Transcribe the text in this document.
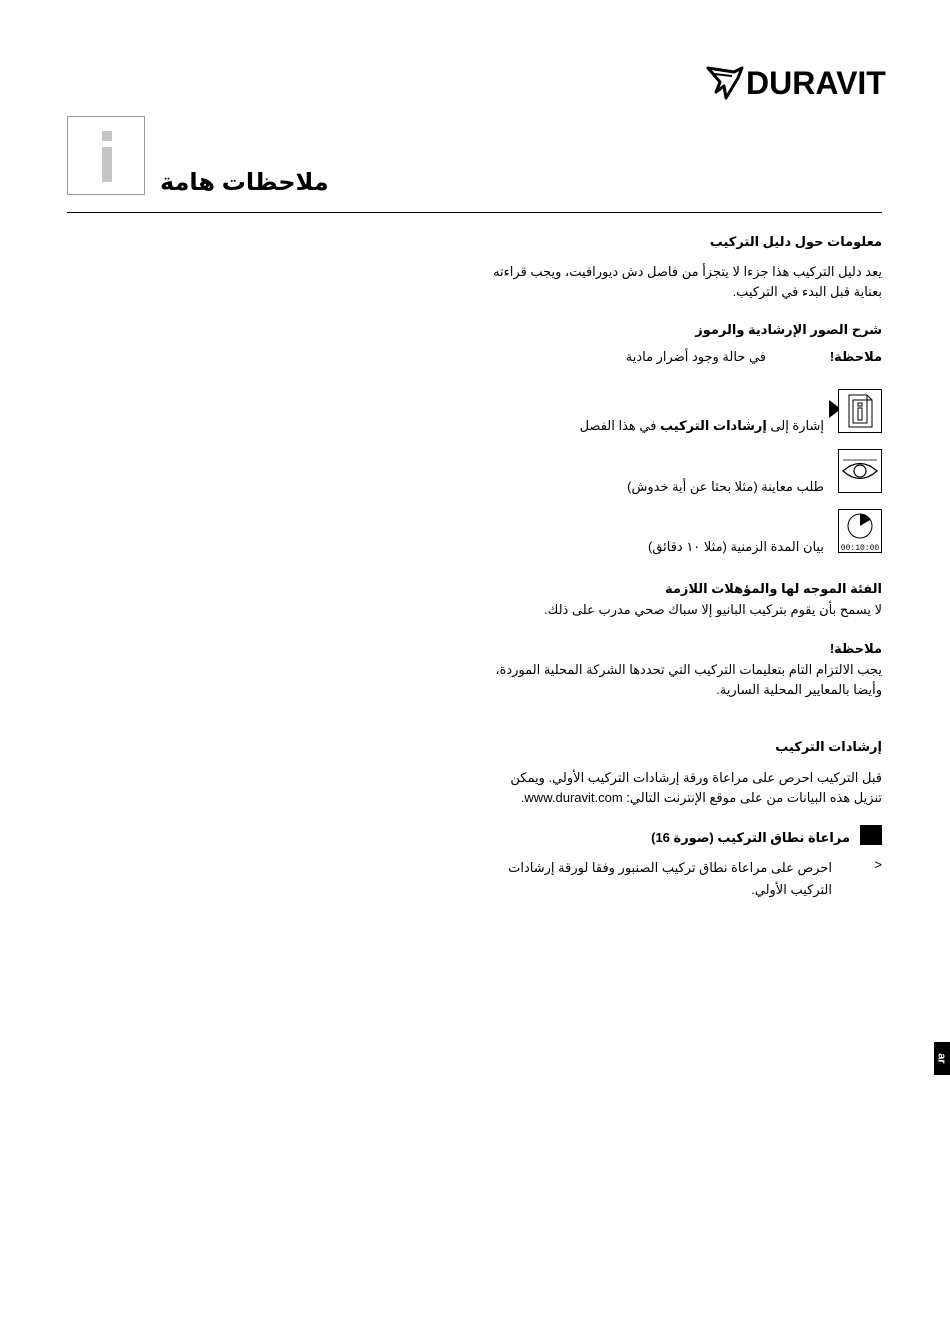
DURAVIT
ملاحظات هامة
معلومات حول دليل التركيب
يعد دليل التركيب هذا جزءا لا يتجزأ من فاصل دش ديورافيت، ويجب قراءته بعناية قبل البدء في التركيب.
شرح الصور الإرشادية والرموز
ملاحظة!
في حالة وجود أضرار مادية
إشارة إلى إرشادات التركيب في هذا الفصل
طلب معاينة (مثلا بحثا عن أية خدوش)
00:10:00
بيان المدة الزمنية (مثلا ١٠ دقائق)
الفئة الموجه لها والمؤهلات اللازمة
لا يسمح بأن يقوم بتركيب البانيو إلا سباك صحي مدرب على ذلك.
ملاحظة!
يجب الالتزام التام بتعليمات التركيب التي تحددها الشركة المحلية الموردة، وأيضا بالمعايير المحلية السارية.
إرشادات التركيب
قبل التركيب احرص على مراعاة ورقة إرشادات التركيب الأولي. ويمكن تنزيل هذه البيانات من على موقع الإنترنت التالي: www.duravit.com.
مراعاة نطاق التركيب (صورة 16)
>
احرص على مراعاة نطاق تركيب الصنبور وفقا لورقة إرشادات التركيب الأولي.
ar
